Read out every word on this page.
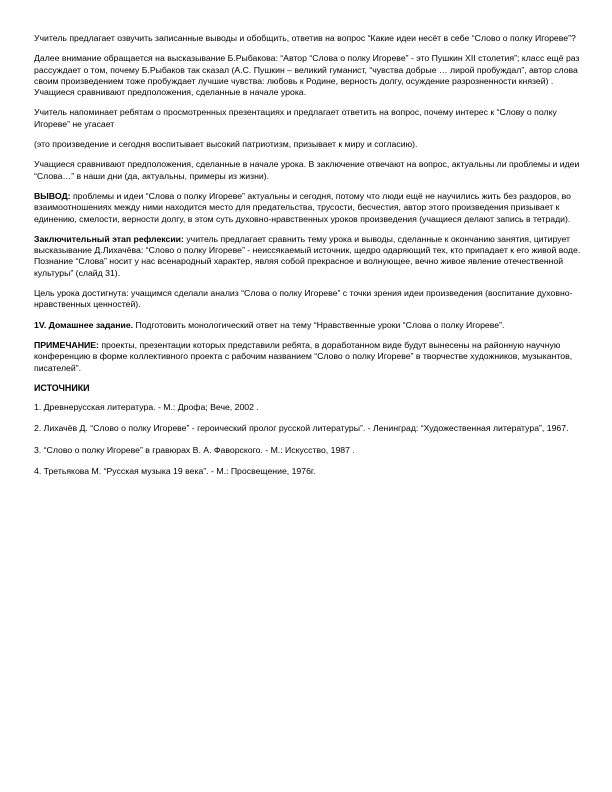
Учитель предлагает озвучить записанные выводы и обобщить, ответив на вопрос “Какие идеи несёт в себе “Слово о полку Игореве”?

Далее внимание обращается на высказывание Б.Рыбакова: “Автор “Слова о полку Игореве” - это Пушкин XII столетия”; класс ещё раз рассуждает о том, почему Б.Рыбаков так сказал (А.С. Пушкин – великий гуманист, “чувства добрые … лирой пробуждал”, автор слова своим произведением тоже пробуждает лучшие чувства: любовь к Родине, верность долгу, осуждение разрозненности князей) . Учащиеся сравнивают предположения, сделанные в начале урока.

Учитель напоминает ребятам о просмотренных презентациях и предлагает ответить на вопрос, почему интерес к “Слову о полку Игореве” не угасает

(это произведение и сегодня воспитывает высокий патриотизм, призывает к миру и согласию).

Учащиеся сравнивают предположения, сделанные в начале урока. В заключение отвечают на вопрос, актуальны ли проблемы и идеи “Слова…” в наши дни (да, актуальны, примеры из жизни).

ВЫВОД: проблемы и идеи “Слова о полку Игореве” актуальны и сегодня, потому что люди ещё не научились жить без раздоров, во взаимоотношениях между ними находится место для предательства, трусости, бесчестия, автор этого произведения призывает к единению, смелости, верности долгу, в этом суть духовно-нравственных уроков произведения (учащиеся делают запись в тетради).

Заключительный этап рефлексии: учитель предлагает сравнить тему урока и выводы, сделанные к окончанию занятия, цитирует высказывание Д.Лихачёва: “Слово о полку Игореве” - неиссякаемый источник, щедро одаряющий тех, кто припадает к его живой воде. Познание “Слова” носит у нас всенародный характер, являя собой прекрасное и волнующее, вечно живое явление отечественной культуры” (слайд 31).

Цель урока достигнута: учащимся сделали анализ “Слова о полку Игореве” с точки зрения идеи произведения (воспитание духовно-нравственных ценностей).

1V. Домашнее задание. Подготовить монологический ответ на тему “Нравственные уроки “Слова о полку Игореве”.

ПРИМЕЧАНИЕ: проекты, презентации которых представили ребята, в доработанном виде будут вынесены на районную научную конференцию в форме коллективного проекта с рабочим названием “Слово о полку Игореве” в творчестве художников, музыкантов, писателей”.

ИСТОЧНИКИ

1. Древнерусская литература. - М.: Дрофа; Вече, 2002 .

2. Лихачёв Д. “Слово о полку Игореве” - героический пролог русской литературы”. - Ленинград: “Художественная литература”, 1967.

3. “Слово о полку Игореве” в гравюрах В. А. Фаворского. - М.: Искусство, 1987 .

4. Третьякова М. “Русская музыка 19 века”. - М.: Просвещение, 1976г.
